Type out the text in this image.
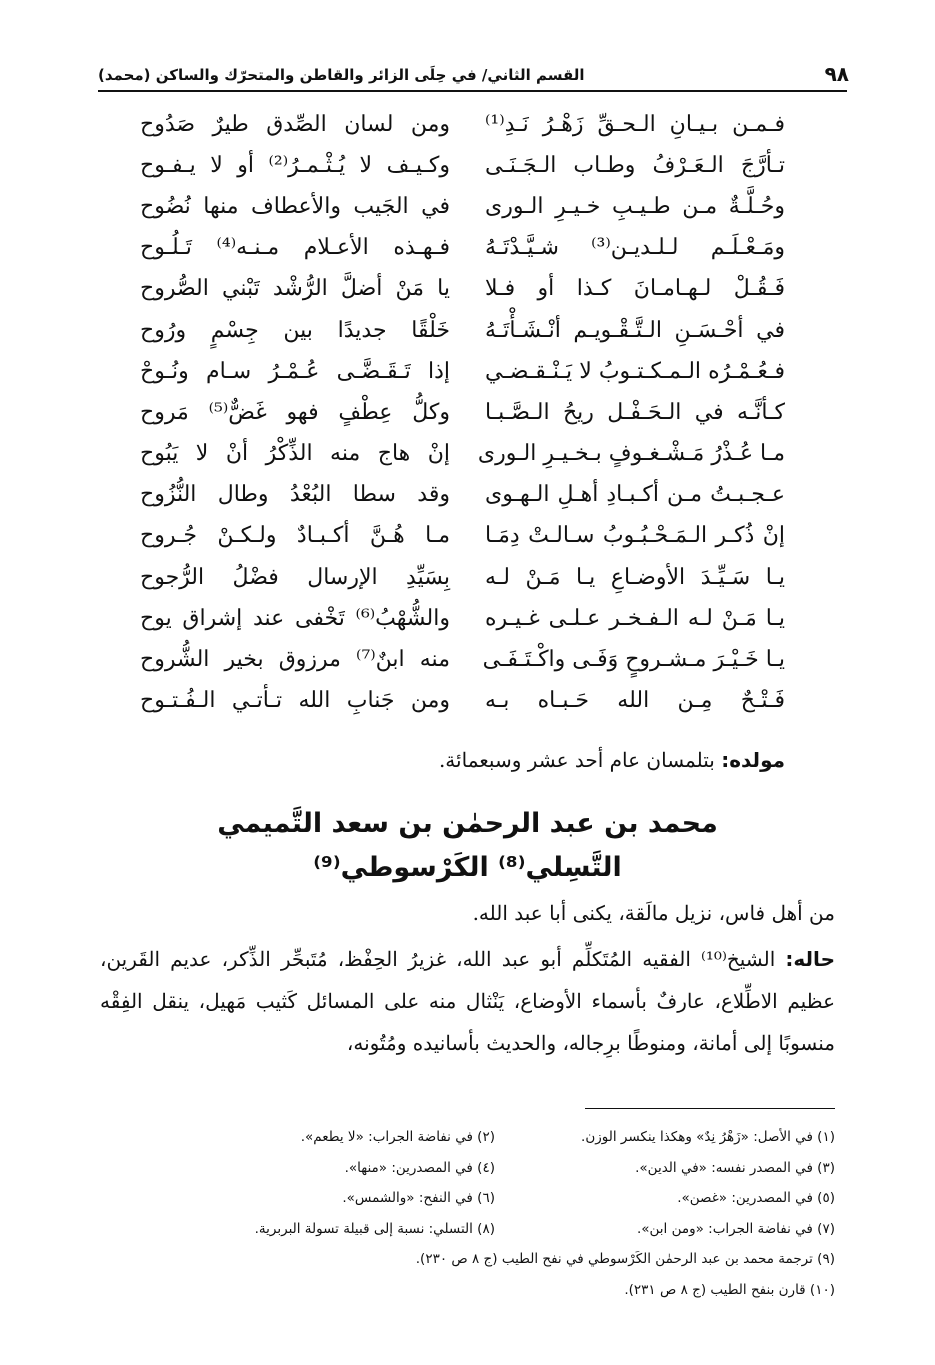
٩٨
القسم الثاني/ في حِلَى الزائر والقاطن والمتحرّك والساكن (محمد)
فـمـن بـيـانِ الـحـقِّ زَهْـرُ نَـدِ⁽¹⁾
ومن لسان الصِّدق طيرٌ صَدُوح
تـأرَّجَ الـعَـرْفُ وطـاب الـجَـنَـى
وكـيـف لا يُـثْـمـرُ⁽²⁾ أو لا يـفـوح
وحُـلَّـةٌ مـن طـيـبِ خـيـرِ الـورى
في الجَيب والأعطاف منها نُضُوح
ومَـعْـلَـم لـلـديـن⁽³⁾ شـيَّـدْتَـهُ
فـهـذه الأعـلام مـنـه⁽⁴⁾ تَـلُـوح
فَـقُـلْ لـهـامـانَ كـذا أو فـلا
يا مَنْ أضلَّ الرُّشْد تَبْني الصُّروح
في أحْـسَـنِ الـتَّـقْـويـم أنْـشَـأْتَـهُ
خَلْقًا جديدًا بين جِسْمٍ ورُوح
فـعُـمْـرُه الـمـكـتـوبُ لا يَـنْـقـضـي
إذا تَـقَـضَّـى عُـمْـرُ سـام ونُـوحْ
كـأنَّـه في الـحَـفْـل ريحُ الـصَّـبـا
وكلُّ عِطْفٍ فهو غَضٌّ⁽⁵⁾ مَروح
مـا عُـذْرُ مَـشْـغـوفٍ بـخـيـرِ الـورى
إنْ هاج منه الذِّكْرُ أنْ لا يَبُوح
عـجـبـتُ مـن أكـبـادِ أهـلِ الـهـوى
وقد سطا البُعْدُ وطال النُّزُوح
إنْ ذُكـر الـمَـحْـبُـوبُ سـالـتْ دِمَـا
مـا هُـنَّ أكـبـادٌ ولـكـنْ جُـروح
يـا سَـيِّـدَ الأوضـاعِ يـا مَـنْ لـه
بِسَيِّدِ الإرسال فضْلُ الرُّجوح
يـا مَـنْ لـه الـفـخـر عـلـى غـيـره
والشُّهْبُ⁽⁶⁾ تَخْفى عند إشراق يوح
يـا خَـيْـرَ مـشـروحٍ وَفَـى واكْـتَـفَـى
منه ابنٌ⁽⁷⁾ مرزوق بخير الشُّروح
فَـتْـحٌ مِـن الله حَـبـاه بـه
ومن جَنابِ الله تـأتـي الـفُـتـوح
مولده: بتلمسان عام أحد عشر وسبعمائة.
محمد بن عبد الرحمٰن بن سعد التَّميمي
التَّسِلي⁽⁸⁾ الكَرْسوطي⁽⁹⁾
من أهل فاس، نزيل مالَقة، يكنى أبا عبد الله.
حاله: الشيخ⁽¹⁰⁾ الفقيه المُتَكلِّم أبو عبد الله، غزيرُ الحِفْظ، مُتَبحِّر الذِّكر، عديم القَرين، عظيم الاطِّلاع، عارفٌ بأسماء الأوضاع، يَنْثال منه على المسائل كَثيب مَهيل، ينقل الفِقْه منسوبًا إلى أمانة، ومنوطًا برِجاله، والحديث بأسانيده ومُتُونه،
(١) في الأصل: «زَهْرُ نِدٌ» وهكذا ينكسر الوزن.
(٢) في نفاضة الجراب: «لا يطعم».
(٣) في المصدر نفسه: «في الدين».
(٤) في المصدرين: «منها».
(٥) في المصدرين: «غصن».
(٦) في النفح: «والشمس».
(٧) في نفاضة الجراب: «ومن ابن».
(٨) التسلي: نسبة إلى قبيلة تسولة البربرية.
(٩) ترجمة محمد بن عبد الرحمٰن الكَرْسوطي في نفح الطيب (ج ٨ ص ٢٣٠).
(١٠) قارن بنفح الطيب (ج ٨ ص ٢٣١).
